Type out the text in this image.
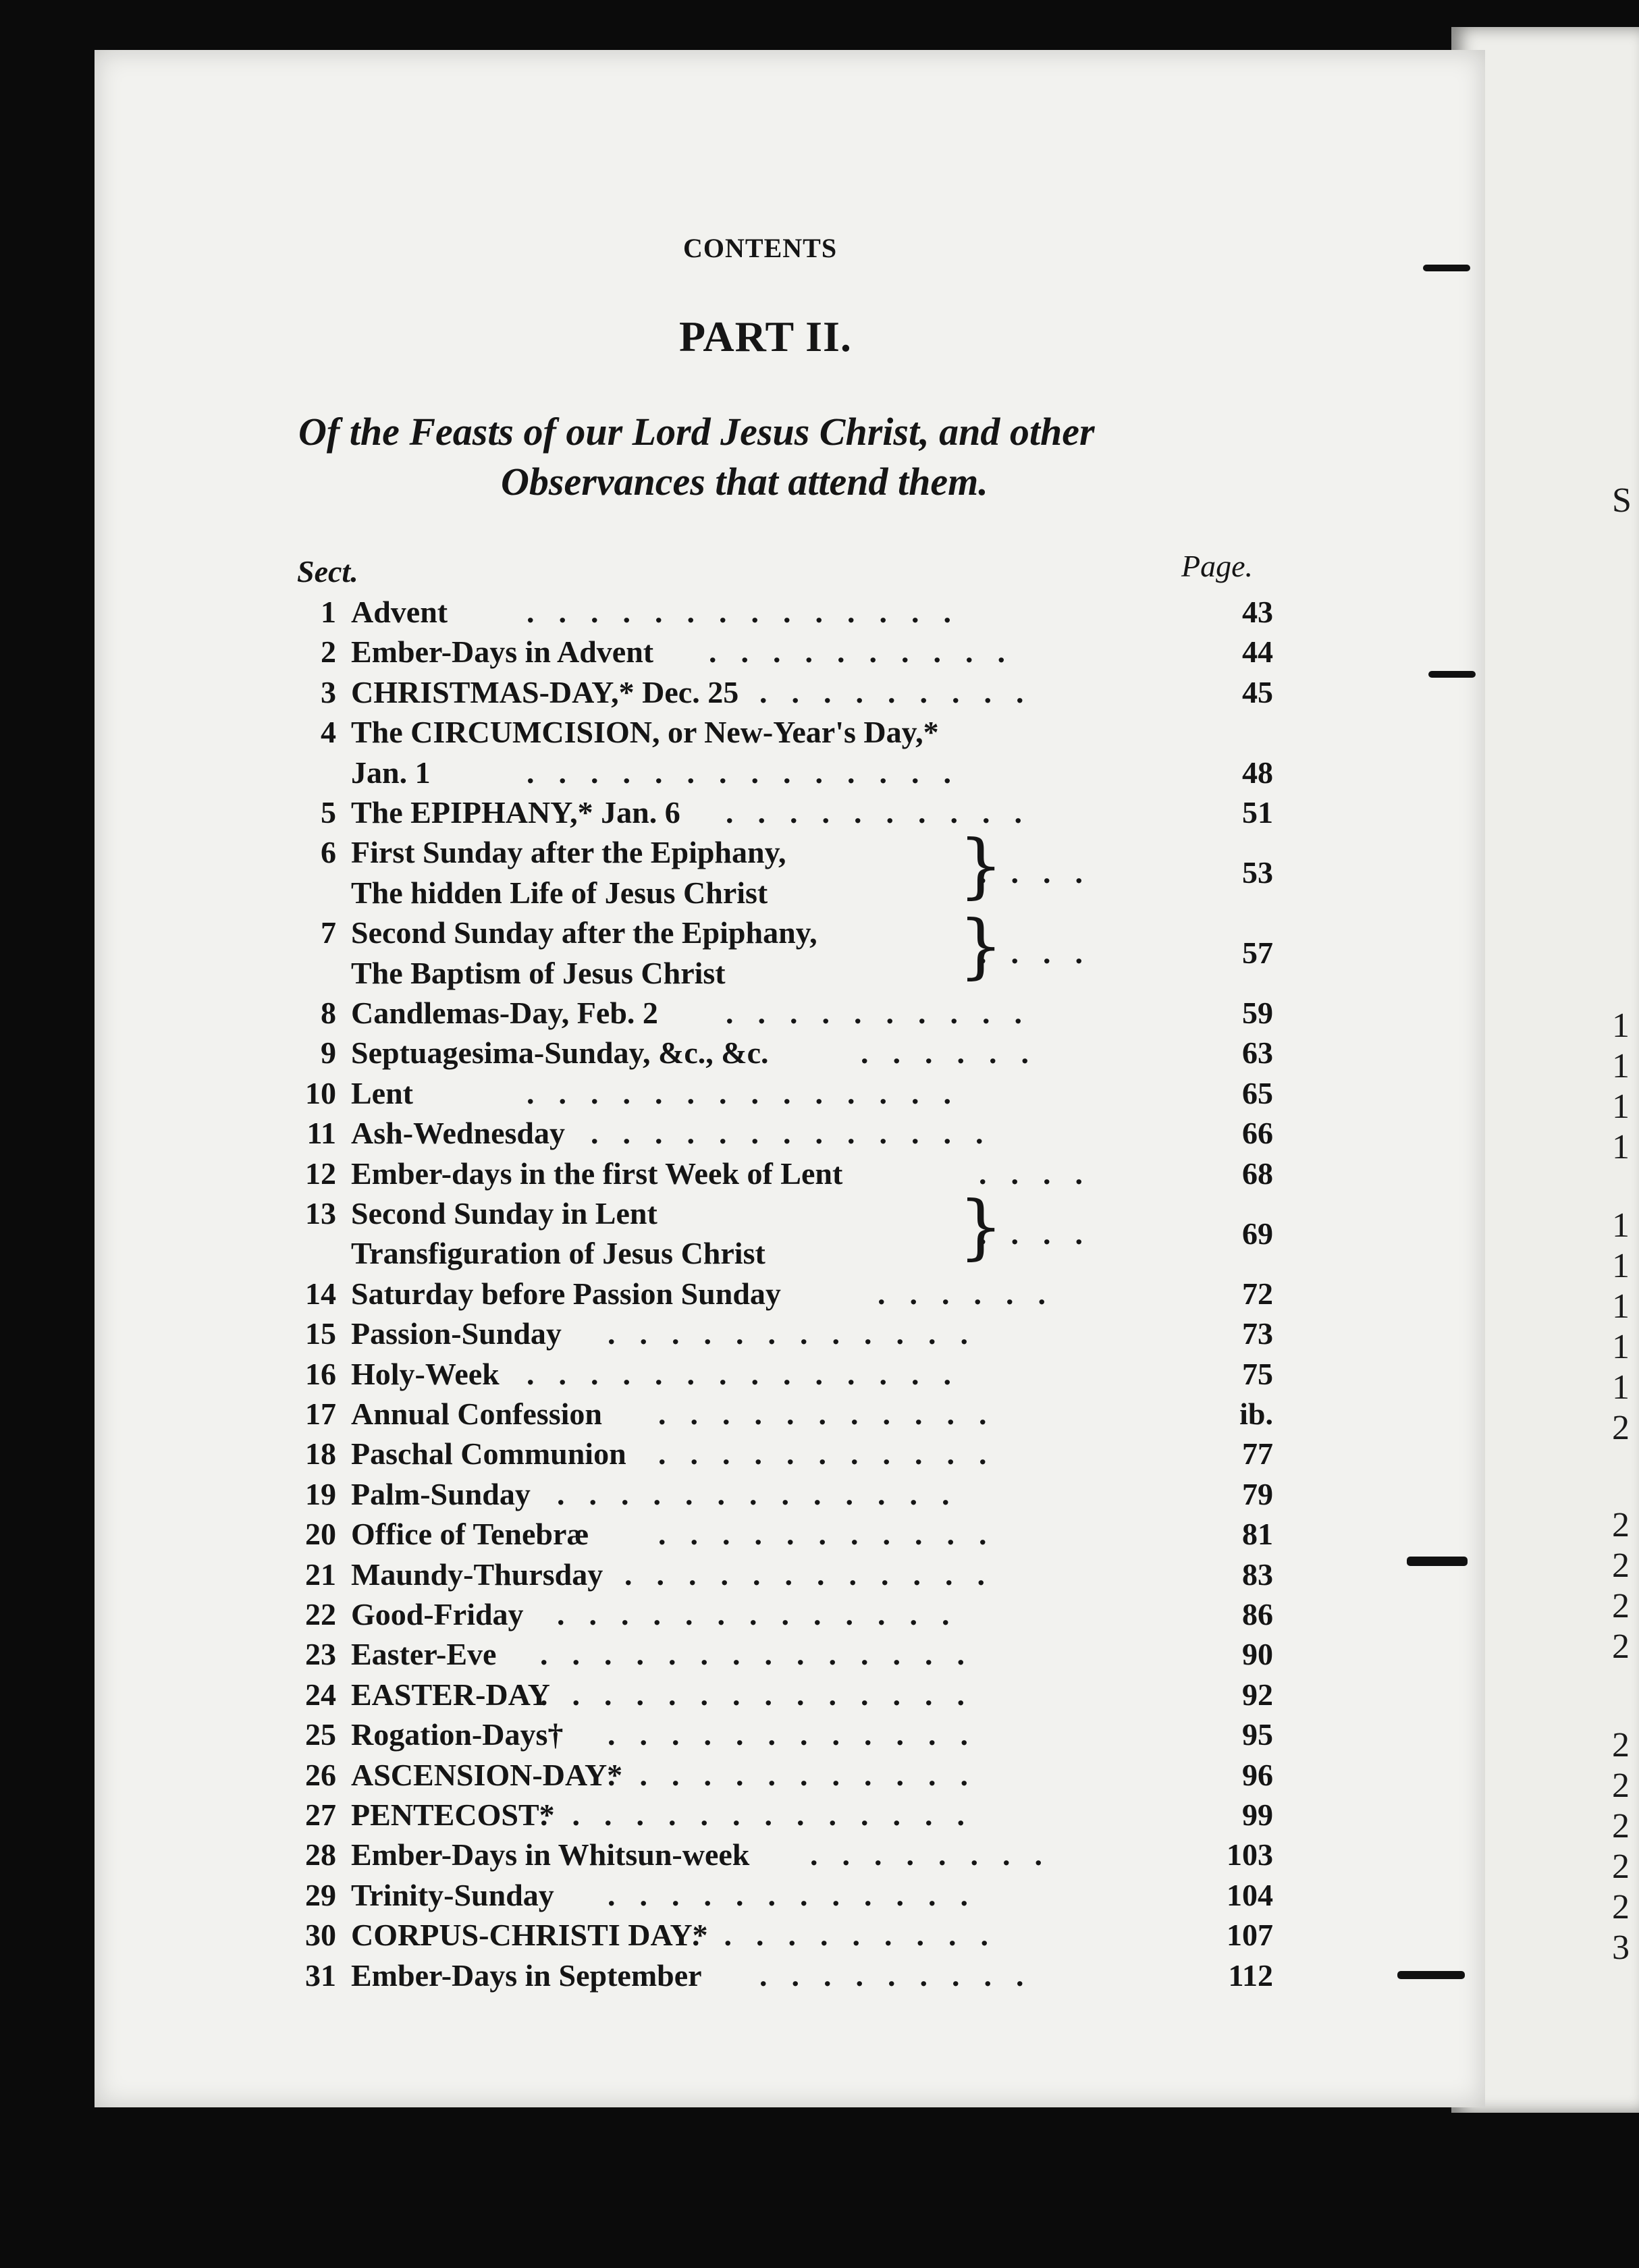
S
1
1
1
1
1
1
1
1
1
2
2
2
2
2
2
2
2
2
2
3
CONTENTS
PART II.
Of the Feasts of our Lord Jesus Christ, and other
Observances that attend them.
Sect.	Page.
1 Advent	..............	43
2 Ember-Days in Advent ..........	44
3 CHRISTMAS-DAY,* Dec. 25 .........	45
4 The CIRCUMCISION, or New-Year's Day,*
Jan. 1	..............	48
5 The EPIPHANY,* Jan. 6 ..........	51
6 First Sunday after the Epiphany,
The hidden Life of Jesus Christ
....
}	53
7 Second Sunday after the Epiphany,
The Baptism of Jesus Christ
....
}	57
8 Candlemas-Day, Feb. 2 ..........	59
9 Septuagesima-Sunday, &c., &c.	......	63
10 Lent	..............	65
11 Ash-Wednesday .............	66
12 Ember-days in the first Week of Lent	....	68
13 Second Sunday in Lent
Transfiguration of Jesus Christ
....
}	69
14 Saturday before Passion Sunday	......	72
15 Passion-Sunday ............	73
16 Holy-Week ..............	75
17 Annual Confession ...........	ib.
18 Paschal Communion ...........	77
19 Palm-Sunday .............	79
20 Office of Tenebræ ...........	81
21 Maundy-Thursday ............	83
22 Good-Friday .............	86
23 Easter-Eve ..............	90
24 EASTER-DAY
..............	92
25 Rogation-Days† ............	95
26 ASCENSION-DAY*
............	96
27 PENTECOST*
..............	99
28 Ember-Days in Whitsun-week ........	103
29 Trinity-Sunday ............	104
30 CORPUS-CHRISTI DAY*
..........	107
31 Ember-Days in September .........	112
